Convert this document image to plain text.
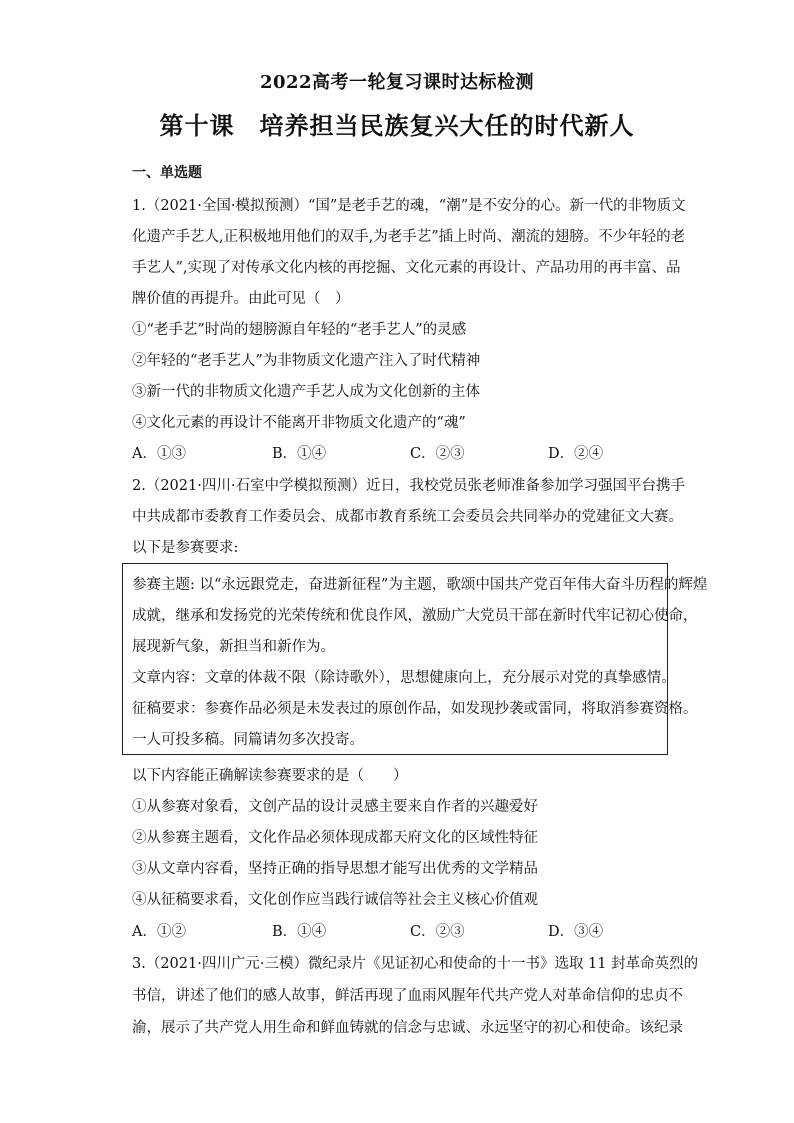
2022高考一轮复习课时达标检测
第十课　培养担当民族复兴大任的时代新人
一、单选题
1.（2021·全国·模拟预测）“国”是老手艺的魂，“潮”是不安分的心。新一代的非物质文
化遗产手艺人,正积极地用他们的双手,为老手艺”插上时尚、潮流的翅膀。不少年轻的老
手艺人”,实现了对传承文化内核的再挖掘、文化元素的再设计、产品功用的再丰富、品
牌价值的再提升。由此可见（　）
①“老手艺”时尚的翅膀源自年轻的“老手艺人”的灵感
②年轻的“老手艺人”为非物质文化遗产注入了时代精神
③新一代的非物质文化遗产手艺人成为文化创新的主体
④文化元素的再设计不能离开非物质文化遗产的“魂”
A．①③	B．①④	C．②③	D．②④
2.（2021·四川·石室中学模拟预测）近日，我校党员张老师准备参加学习强国平台携手
中共成都市委教育工作委员会、成都市教育系统工会委员会共同举办的党建征文大赛。
以下是参赛要求:
参赛主题: 以“永远跟党走，奋进新征程”为主题，歌颂中国共产党百年伟大奋斗历程的辉煌
成就，继承和发扬党的光荣传统和优良作风，激励广大党员干部在新时代牢记初心使命，
展现新气象，新担当和新作为。
文章内容：文章的体裁不限（除诗歌外），思想健康向上，充分展示对党的真挚感情。
征稿要求：参赛作品必须是未发表过的原创作品，如发现抄袭或雷同，将取消参赛资格。
一人可投多稿。同篇请勿多次投寄。
以下内容能正确解读参赛要求的是（　　）
①从参赛对象看，文创产品的设计灵感主要来自作者的兴趣爱好
②从参赛主题看，文化作品必须体现成都天府文化的区域性特征
③从文章内容看，坚持正确的指导思想才能写出优秀的文学精品
④从征稿要求看，文化创作应当践行诚信等社会主义核心价值观
A．①②	B．①④	C．②③	D．③④
3.（2021·四川广元·三模）微纪录片《见证初心和使命的十一书》选取 11 封革命英烈的
书信，讲述了他们的感人故事，鲜活再现了血雨风腥年代共产党人对革命信仰的忠贞不
渝，展示了共产党人用生命和鲜血铸就的信念与忠诚、永远坚守的初心和使命。该纪录
